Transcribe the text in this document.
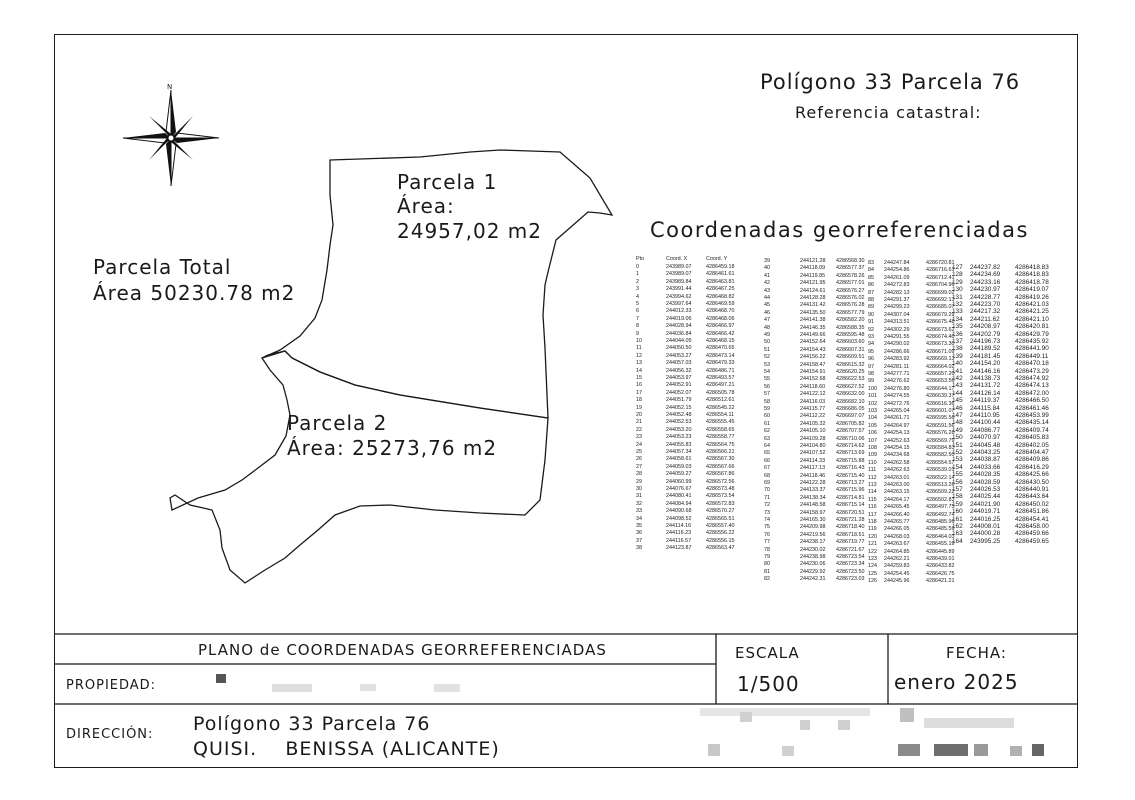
N	Polígono 33 Parcela 76
Referencia catastral:
Parcela Total
Área 50230.78 m2
Parcela 1
Área:
24957,02 m2
Parcela 2
Área: 25273,76 m2
Coordenadas georreferenciadas
Pto	Coord. X	Coord. Y
0	243989.07	4286459.18
1	243989.07	4286461.61
2	243989.84	4286463.81
3	243991.44	4286467.25
4	243994.62	4286468.82
5	243997.64	4286469.59
6	244012.33	4286468.70
7	244019.06	4286468.06
8	244028.94	4286466.97
9	244036.84	4286466.42
10	244044.05	4286468.15
11	244050.50	4286470.65
12	244053.27	4286473.14
13	244057.03	4286479.33
14	244056.32	4286486.71
15	244053.97	4286493.57
16	244052.91	4286497.21
17	244052.07	4286505.78
18	244051.79	4286512.61
19	244052.15	4286545.22
20	244052.48	4286554.11
21	244052.53	4286555.45
22	244053.20	4286558.65
23	244053.23	4286558.77
24	244055.83	4286564.75
25	244057.34	4286566.21
26	244058.61	4286567.30
27	244059.03	4286567.66
28	244059.27	4286567.86
29	244060.99	4286572.56
30	244076.67	4286573.48
31	244080.41	4286573.54
32	244084.94	4286572.83
33	244090.68	4286570.27
34	244098.52	4286565.51
35	244114.16	4286557.40
36	244116.23	4286556.22
37	244116.57	4286556.15
38	244123.87	4286563.47
39	244121.28 4286568.30
40	244118.09 4286577.37
41	244119.85 4286578.26
42	244121.95 4286577.01
43	244124.61 4286576.27
44	244128.28 4286576.02
45	244131.42 4286576.28
46	244135.50 4286577.79
47	244141.38 4286582.20
48	244146.35 4286588.35
49	244149.66 4286595.48
50	244152.64 4286603.60
51	244154.43 4286607.31
52	244156.22 4286609.51
53	244158.47 4286615.32
54	244154.91 4286620.25
55	244152.68 4286622.53
56	244118.60 4286627.52
57	244122.12 4286632.00
58	244116.03 4286682.10
59	244115.77 4286686.05
60	244112.22 4286697.07
61	244105.32 4286705.82
62	244105.10 4286707.57
63	244109.28 4286710.06
64	244104.80 4286714.62
65	244107.52 4286713.69
66	244114.33 4286715.88
67	244117.13 4286716.43
68	244118.46 4286715.40
69	244122.28 4286713.27
70	244133.37 4286715.96
71	244138.34 4286714.81
72	244148.58 4286715.14
73	244158.97 4286720.51
74	244165.30 4286721.28
75	244209.98 4286718.40
76	244219.56 4286718.51
77	244238.17 4286719.77
78	244230.02 4286721.67
79	244238.98 4286723.54
80	244230.06 4286723.34
81	244229.92 4286723.50
82	244242.31 4286723.03
83 244247.84	4286720.81
84 244254.86	4286716.61
85 244261.09	4286712.41
86 244272.83	4286704.96
87 244282.13	4286699.02
88 244291.37	4286692.13
89 244299.23	4286685.07
90 244307.04	4286679.29
91 244313.51	4286675.48
92 244302.29	4286673.62
93 244291.55	4286674.40
94 244290.02	4286673.30
95 244286.66	4286671.09
96 244283.92	4286669.13
97 244281.11	4286664.02
98 244277.71	4286657.20
99 244276.62	4286653.56
100 244276.80	4286644.17
101 244274.55	4286639.37
102 244272.76	4286616.36
103 244265.04	4286601.07
104 244261.71	4286595.56
105 244264.97	4286591.56
106 244254.13	4286576.28
107 244252.63	4286569.79
108 244254.15	4286584.83
109 244234.68	4286582.50
110 244262.58	4286554.57
111 244262.63	4286539.01
112 244263.01	4286522.14
113 244263.00	4286513.26
114 244263.15	4286509.22
115 244264.17	4286502.83
116 244265.45	4286497.75
117 244266.40	4286492.74
118 244265.77	4286485.96
119 244266.05	4286485.59
120 244268.03	4286464.03
121 244263.67	4286455.19
122 244264.85	4286445.89
123 244262.21	4286439.01
124 244259.83	4286433.82
125 244254.45	4286426.75
126 244245.96	4286421.21
127 244237.82 4286418.83
128 244234.69 4286418.83
129 244233.16 4286418.78
130 244230.97 4286419.07
131 244228.77 4286419.26
132 244223.70 4286421.03
133 244217.32 4286421.25
134 244211.62 4286421.10
135 244208.97 4286420.81
136 244202.79 4286429.79
137 244196.73 4286435.92
138 244189.52 4286441.90
139 244181.45 4286449.11
140 244154.20 4286470.18
141 244146.16 4286473.29
142 244138.73 4286474.92
143 244131.72 4286474.13
144 244126.14 4286472.00
145 244119.37 4286466.50
146 244115.84 4286461.46
147 244110.95 4286453.99
148 244100.44 4286435.14
149 244086.77 4286409.74
150 244070.97 4286405.83
151 244045.48 4286402.05
152 244043.25 4286404.47
153 244038.87 4286409.86
154 244033.66 4286416.29
155 244028.35 4286425.66
156 244028.59 4286430.50
157 244026.53 4286440.91
158 244025.44 4286443.64
159 244021.90 4286450.02
160 244019.71 4286451.86
161 244016.25 4286454.41
162 244008.01 4286458.00
163 244000.28 4286459.66
164 243995.25 4286459.65
PLANO de COORDENADAS GEORREFERENCIADAS
PROPIEDAD:
ESCALA
1/500
FECHA:
enero 2025
DIRECCIÓN: Polígono 33 Parcela 76
QUISI.    BENISSA (ALICANTE)
